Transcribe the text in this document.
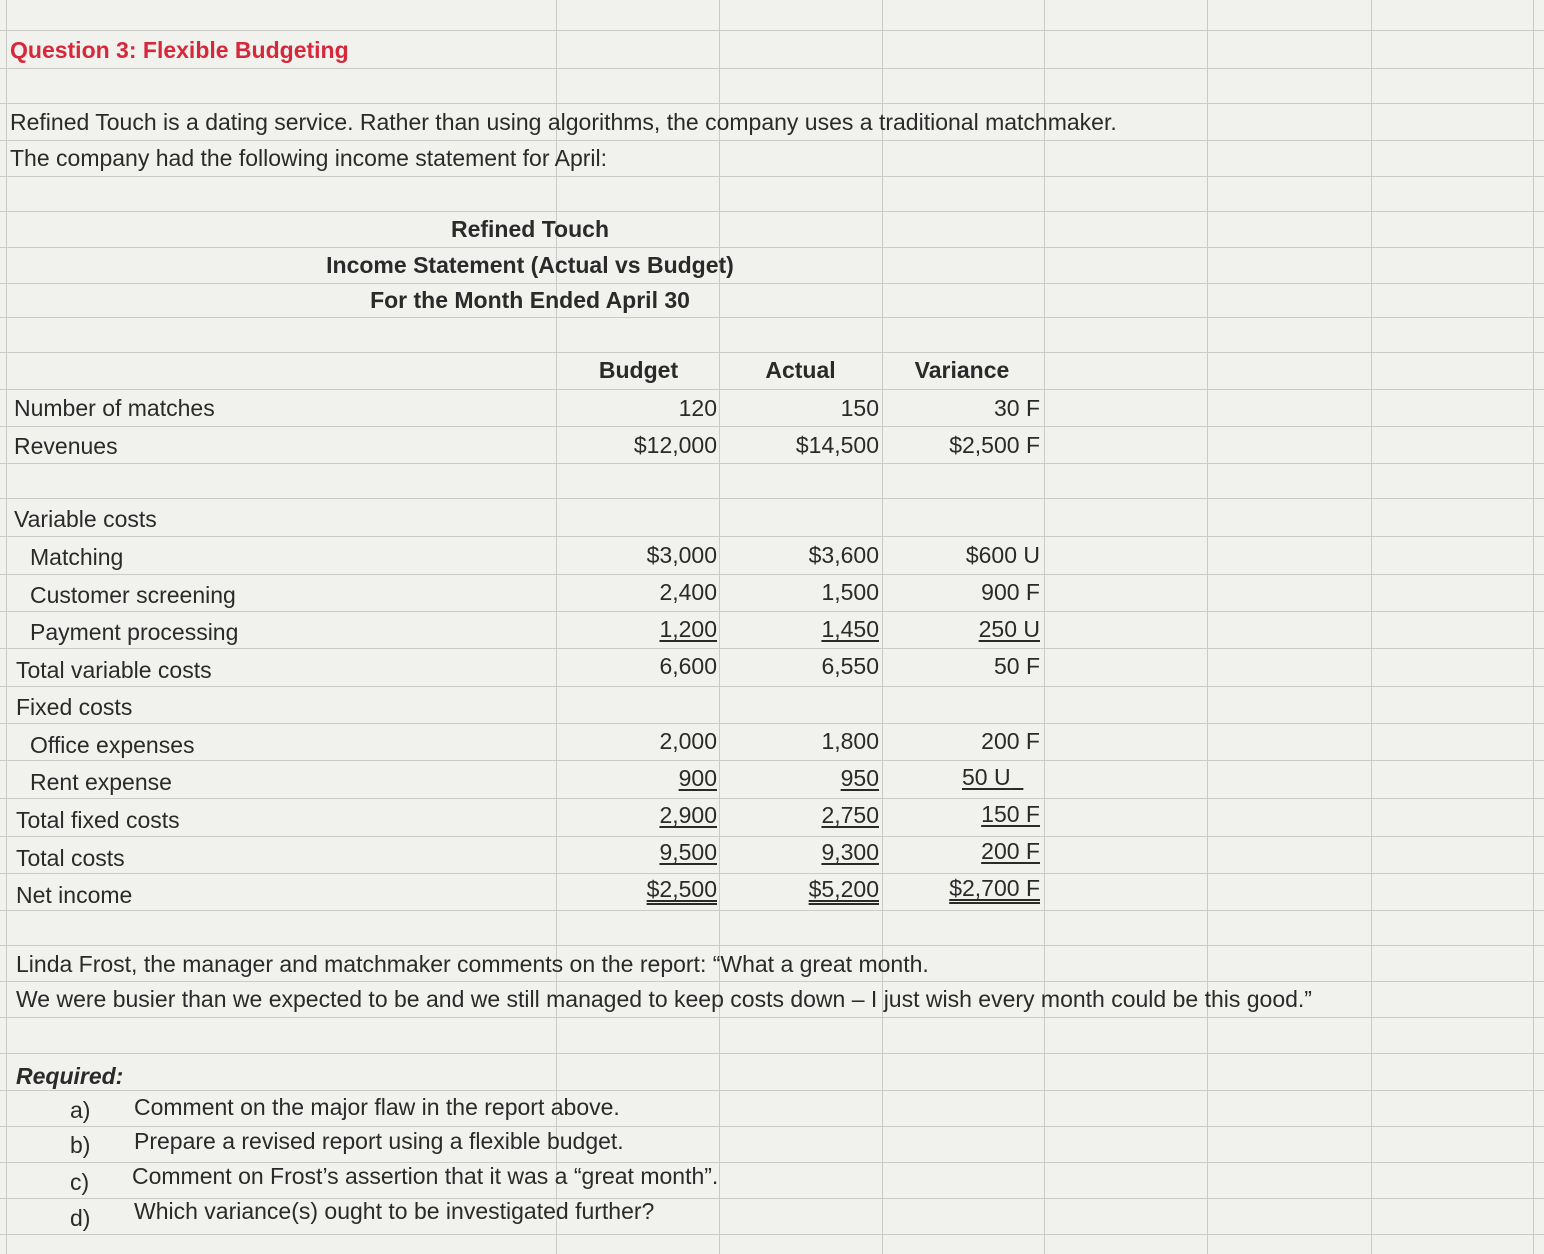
Question 3: Flexible Budgeting
Refined Touch is a dating service. Rather than using algorithms, the company uses a traditional matchmaker.
The company had the following income statement for April:
Refined Touch
Income Statement (Actual vs Budget)
For the Month Ended April 30
Budget	Actual	Variance
Number of matches	120	150	30 F
Revenues	$12,000	$14,500	$2,500 F
Variable costs
Matching	$3,000	$3,600	$600 U
Customer screening	2,400	1,500	900 F
Payment processing	1,200	1,450	250 U
Total variable costs	6,600	6,550	50 F
Fixed costs
Office expenses	2,000	1,800	200 F
Rent expense	900	950	50 U
Total fixed costs	2,900	2,750	150 F
Total costs	9,500	9,300	200 F
Net income	$2,500	$5,200	$2,700 F
Linda Frost, the manager and matchmaker comments on the report: “What a great month.
We were busier than we expected to be and we still managed to keep costs down – I just wish every month could be this good.”
Required:
a) Comment on the major flaw in the report above.
b) Prepare a revised report using a flexible budget.
c) Comment on Frost’s assertion that it was a “great month”.
d) Which variance(s) ought to be investigated further?
